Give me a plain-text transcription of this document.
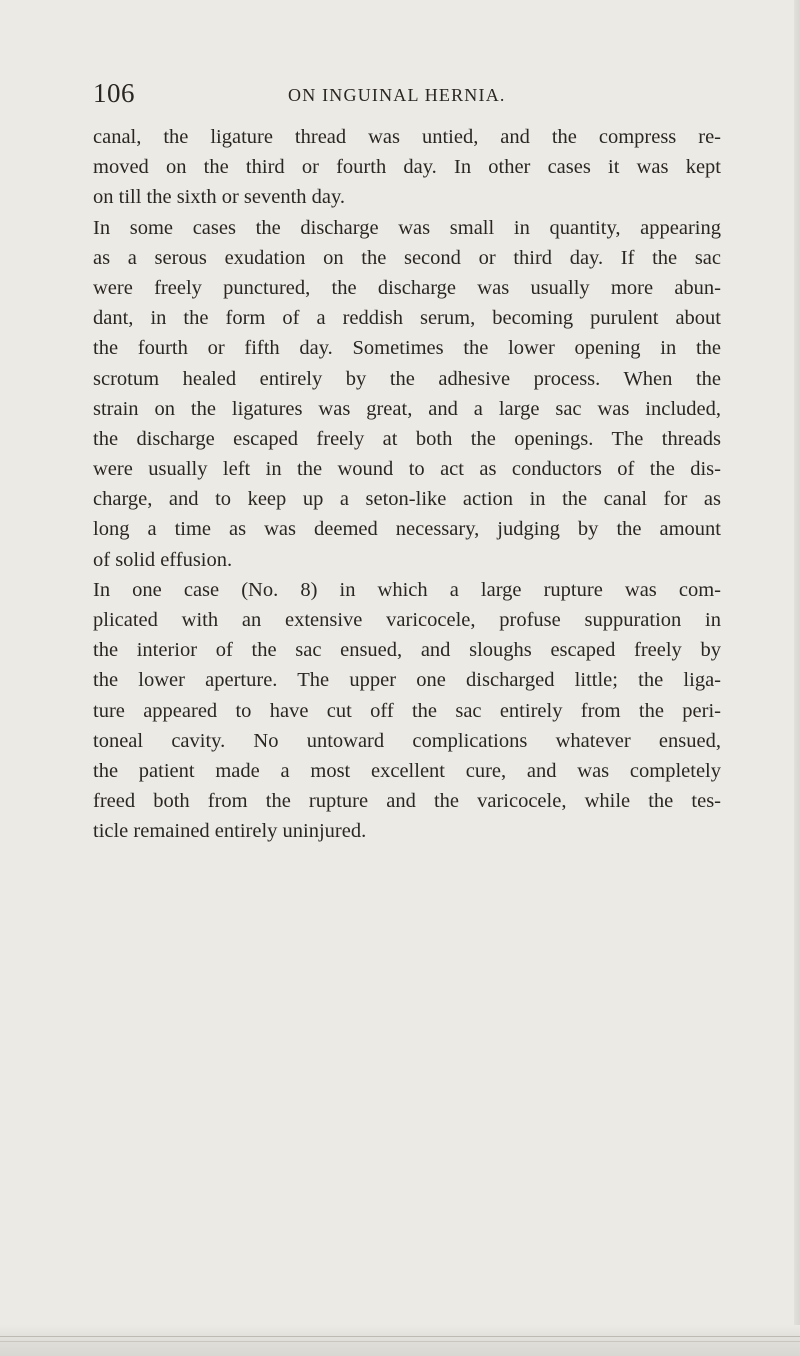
106	ON INGUINAL HERNIA.
canal, the ligature thread was untied, and the compress re-
moved on the third or fourth day. In other cases it was kept
on till the sixth or seventh day.
In some cases the discharge was small in quantity, appearing
as a serous exudation on the second or third day. If the sac
were freely punctured, the discharge was usually more abun-
dant, in the form of a reddish serum, becoming purulent about
the fourth or fifth day. Sometimes the lower opening in the
scrotum healed entirely by the adhesive process. When the
strain on the ligatures was great, and a large sac was included,
the discharge escaped freely at both the openings. The threads
were usually left in the wound to act as conductors of the dis-
charge, and to keep up a seton-like action in the canal for as
long a time as was deemed necessary, judging by the amount
of solid effusion.
In one case (No. 8) in which a large rupture was com-
plicated with an extensive varicocele, profuse suppuration in
the interior of the sac ensued, and sloughs escaped freely by
the lower aperture. The upper one discharged little; the liga-
ture appeared to have cut off the sac entirely from the peri-
toneal cavity. No untoward complications whatever ensued,
the patient made a most excellent cure, and was completely
freed both from the rupture and the varicocele, while the tes-
ticle remained entirely uninjured.
